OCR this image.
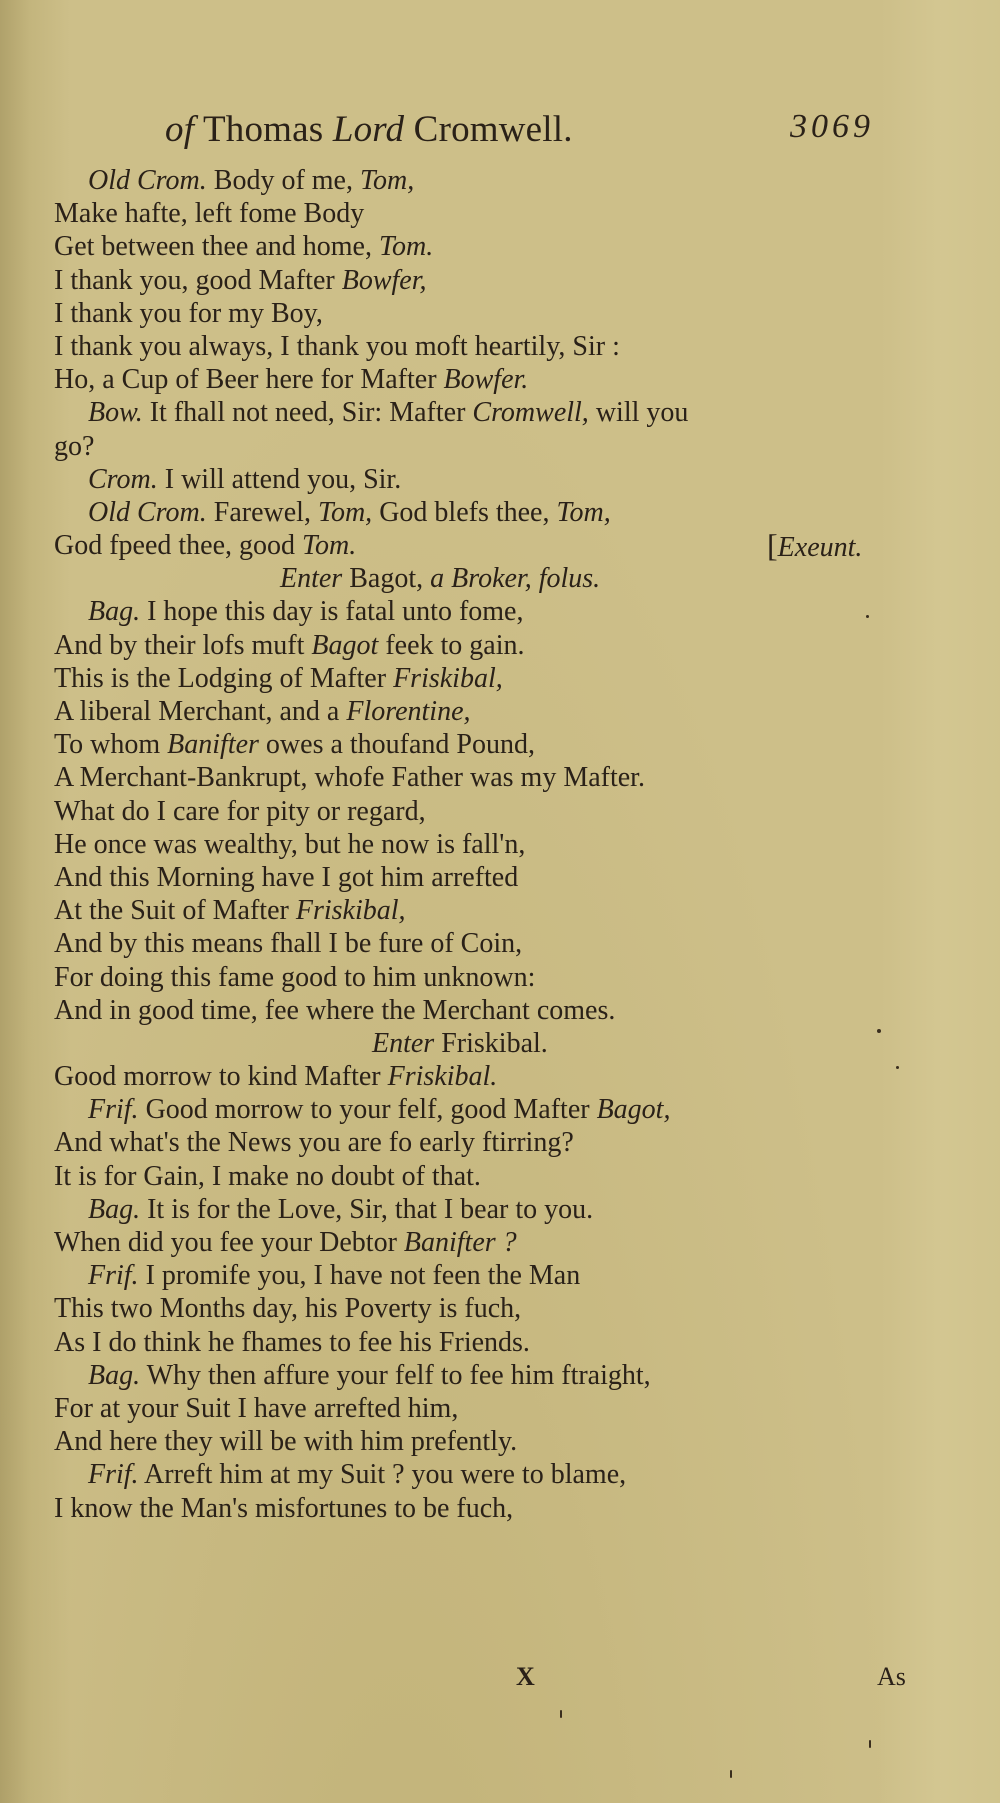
of Thomas Lord Cromwell.	3069
Old Crom. Body of me, Tom,
Make hafte, left fome Body
Get between thee and home, Tom.
I thank you, good Mafter Bowfer,
I thank you for my Boy,
I thank you always, I thank you moft heartily, Sir :
Ho, a Cup of Beer here for Mafter Bowfer.
Bow. It fhall not need, Sir: Mafter Cromwell, will you
go?
Crom. I will attend you, Sir.
Old Crom. Farewel, Tom, God blefs thee, Tom,
God fpeed thee, good Tom.	[Exeunt.
Enter Bagot, a Broker, folus.
Bag. I hope this day is fatal unto fome,
And by their lofs muft Bagot feek to gain.
This is the Lodging of Mafter Friskibal,
A liberal Merchant, and a Florentine,
To whom Banifter owes a thoufand Pound,
A Merchant-Bankrupt, whofe Father was my Mafter.
What do I care for pity or regard,
He once was wealthy, but he now is fall'n,
And this Morning have I got him arrefted
At the Suit of Mafter Friskibal,
And by this means fhall I be fure of Coin,
For doing this fame good to him unknown:
And in good time, fee where the Merchant comes.
Enter Friskibal.
Good morrow to kind Mafter Friskibal.
Frif. Good morrow to your felf, good Mafter Bagot,
And what's the News you are fo early ftirring?
It is for Gain, I make no doubt of that.
Bag. It is for the Love, Sir, that I bear to you.
When did you fee your Debtor Banifter ?
Frif. I promife you, I have not feen the Man
This two Months day, his Poverty is fuch,
As I do think he fhames to fee his Friends.
Bag. Why then affure your felf to fee him ftraight,
For at your Suit I have arrefted him,
And here they will be with him prefently.
Frif. Arreft him at my Suit ? you were to blame,
I know the Man's misfortunes to be fuch,
X	As
